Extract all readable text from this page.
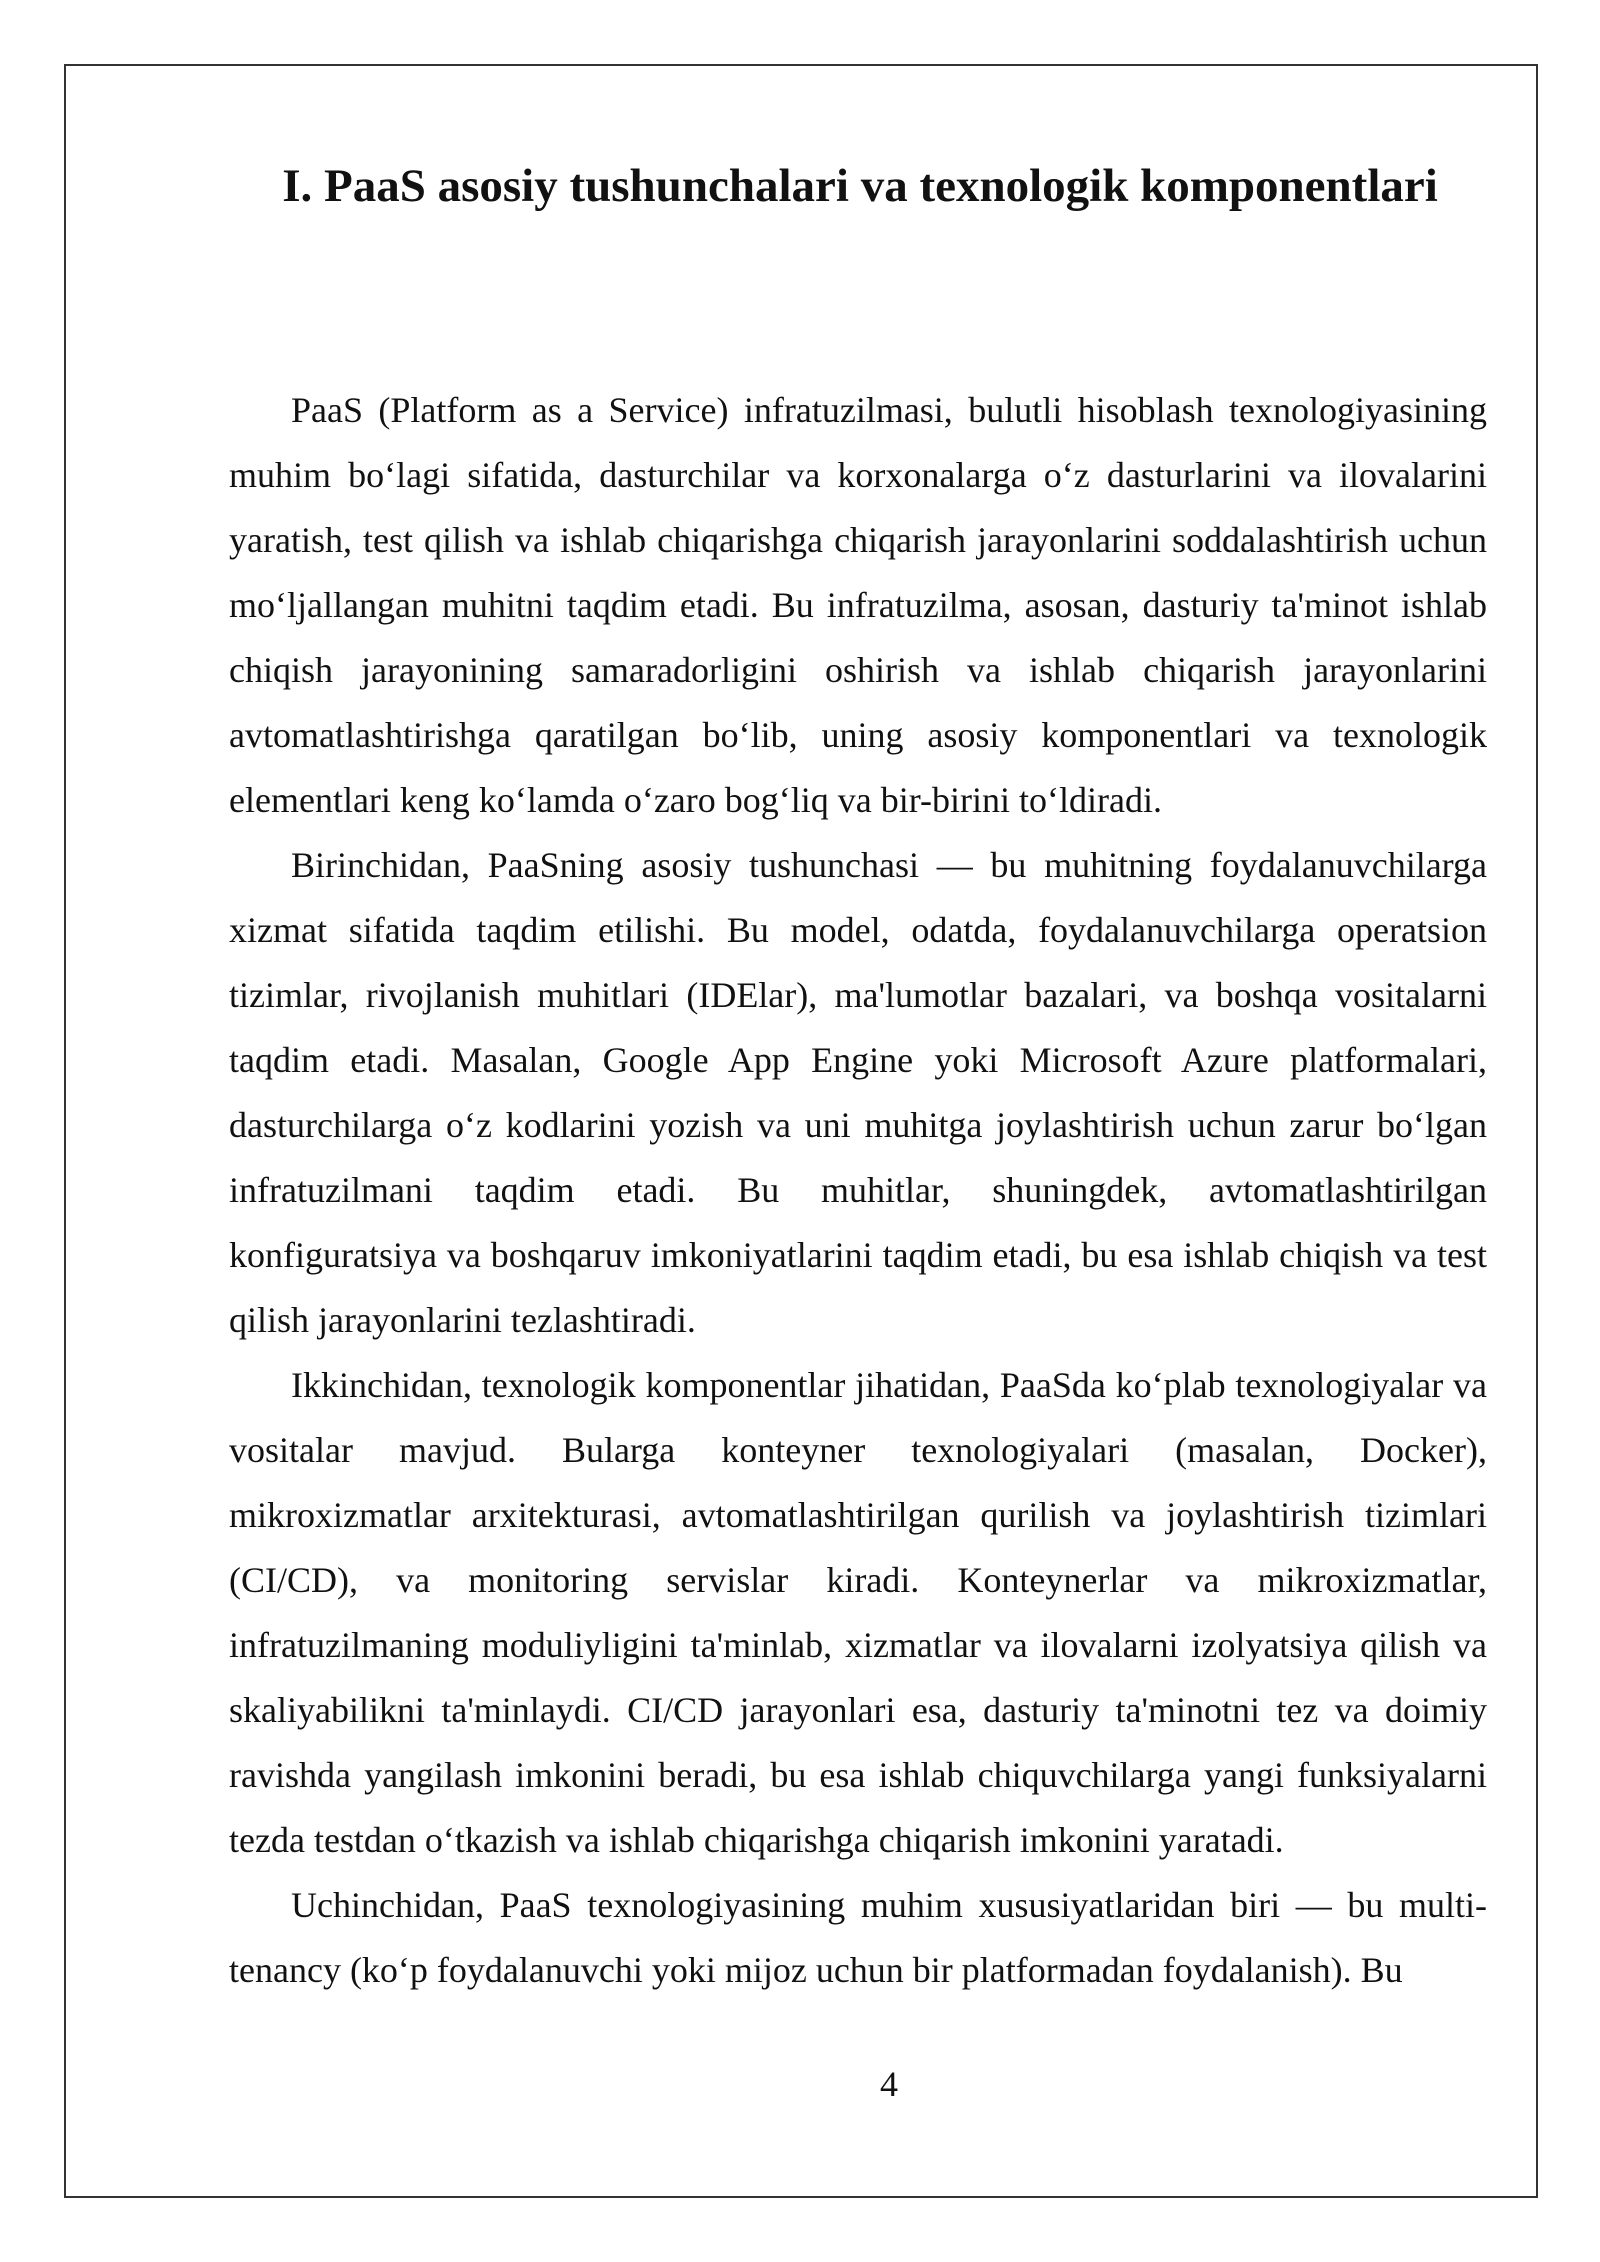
I. PaaS asosiy tushunchalari va texnologik komponentlari

PaaS (Platform as a Service) infratuzilmasi, bulutli hisoblash texnologiyasining muhim bo‘lagi sifatida, dasturchilar va korxonalarga o‘z dasturlarini va ilovalarini yaratish, test qilish va ishlab chiqarishga chiqarish jarayonlarini soddalashtirish uchun mo‘ljallangan muhitni taqdim etadi. Bu infratuzilma, asosan, dasturiy ta'minot ishlab chiqish jarayonining samaradorligini oshirish va ishlab chiqarish jarayonlarini avtomatlashtirishga qaratilgan bo‘lib, uning asosiy komponentlari va texnologik elementlari keng ko‘lamda o‘zaro bog‘liq va bir-birini to‘ldiradi.

Birinchidan, PaaSning asosiy tushunchasi — bu muhitning foydalanuvchilarga xizmat sifatida taqdim etilishi. Bu model, odatda, foydalanuvchilarga operatsion tizimlar, rivojlanish muhitlari (IDElar), ma'lumotlar bazalari, va boshqa vositalarni taqdim etadi. Masalan, Google App Engine yoki Microsoft Azure platformalari, dasturchilarga o‘z kodlarini yozish va uni muhitga joylashtirish uchun zarur bo‘lgan infratuzilmani taqdim etadi. Bu muhitlar, shuningdek, avtomatlashtirilgan konfiguratsiya va boshqaruv imkoniyatlarini taqdim etadi, bu esa ishlab chiqish va test qilish jarayonlarini tezlashtiradi.

Ikkinchidan, texnologik komponentlar jihatidan, PaaSda ko‘plab texnologiyalar va vositalar mavjud. Bularga konteyner texnologiyalari (masalan, Docker), mikroxizmatlar arxitekturasi, avtomatlashtirilgan qurilish va joylashtirish tizimlari (CI/CD), va monitoring servislar kiradi. Konteynerlar va mikroxizmatlar, infratuzilmaning moduliyligini ta'minlab, xizmatlar va ilovalarni izolyatsiya qilish va skaliyabilikni ta'minlaydi. CI/CD jarayonlari esa, dasturiy ta'minotni tez va doimiy ravishda yangilash imkonini beradi, bu esa ishlab chiquvchilarga yangi funksiyalarni tezda testdan o‘tkazish va ishlab chiqarishga chiqarish imkonini yaratadi.

Uchinchidan, PaaS texnologiyasining muhim xususiyatlaridan biri — bu multi-tenancy (ko‘p foydalanuvchi yoki mijoz uchun bir platformadan foydalanish). Bu

4
